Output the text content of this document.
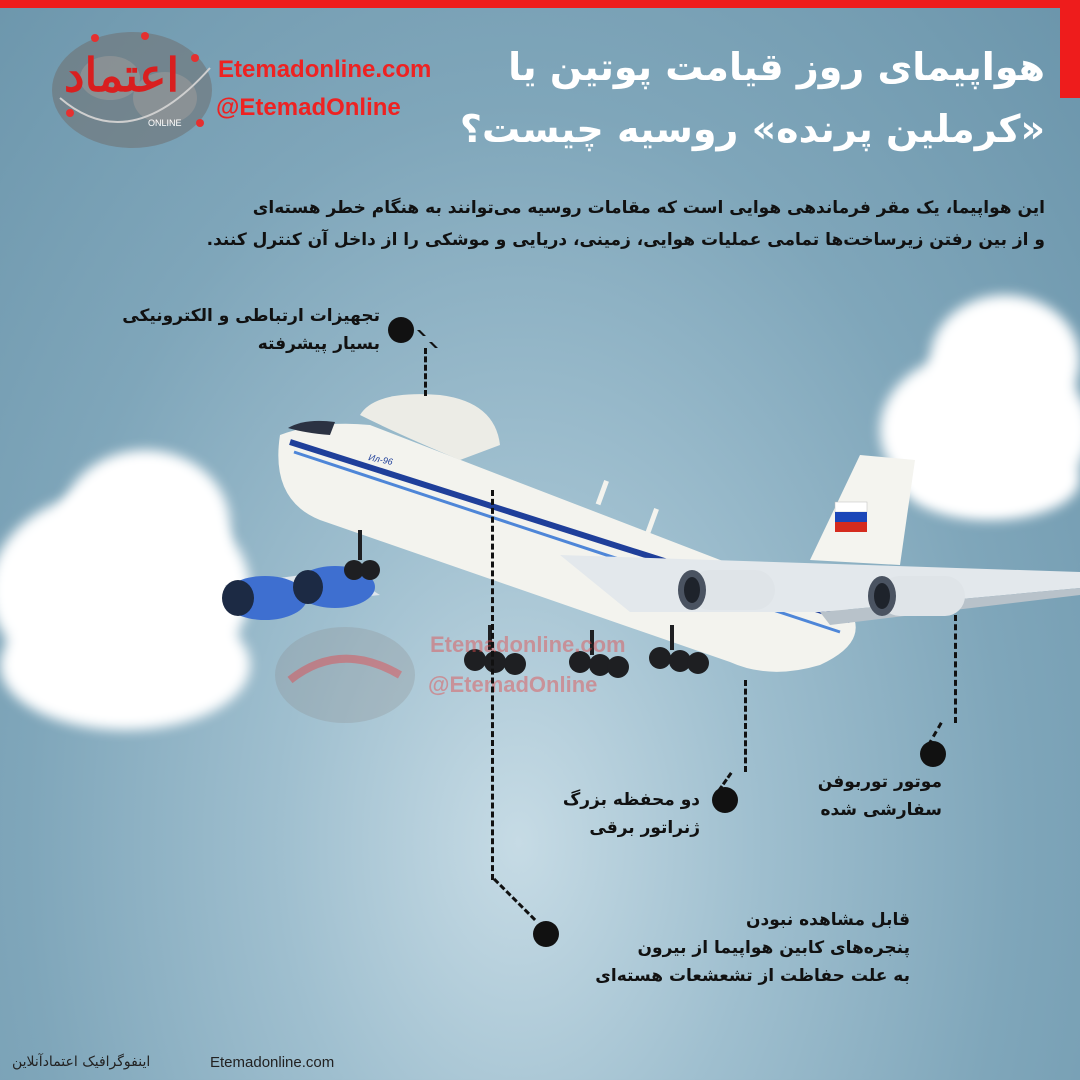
اعتماد
ONLINE
Etemadonline.com
@EtemadOnline
هواپیمای روز قیامت پوتین یا
«کرملین پرنده» روسیه چیست؟
این هواپیما، یک مقر فرماندهی هوایی است که مقامات روسیه می‌توانند به هنگام خطر هسته‌ای
و از بین رفتن زیرساخت‌ها تمامی عملیات هوایی، زمینی، دریایی و موشکی را از داخل آن کنترل کنند.
Ил-96
Etemadonline.com
@EtemadOnline
تجهیزات ارتباطی و الکترونیکی
بسیار پیشرفته
موتور توربوفن
سفارشی شده
دو محفظه بزرگ
ژنراتور برقی
قابل مشاهده نبودن
پنجره‌های کابین هواپیما از بیرون
به علت حفاظت از تشعشعات هسته‌ای
اینفوگرافیک اعتمادآنلاین	Etemadonline.com
